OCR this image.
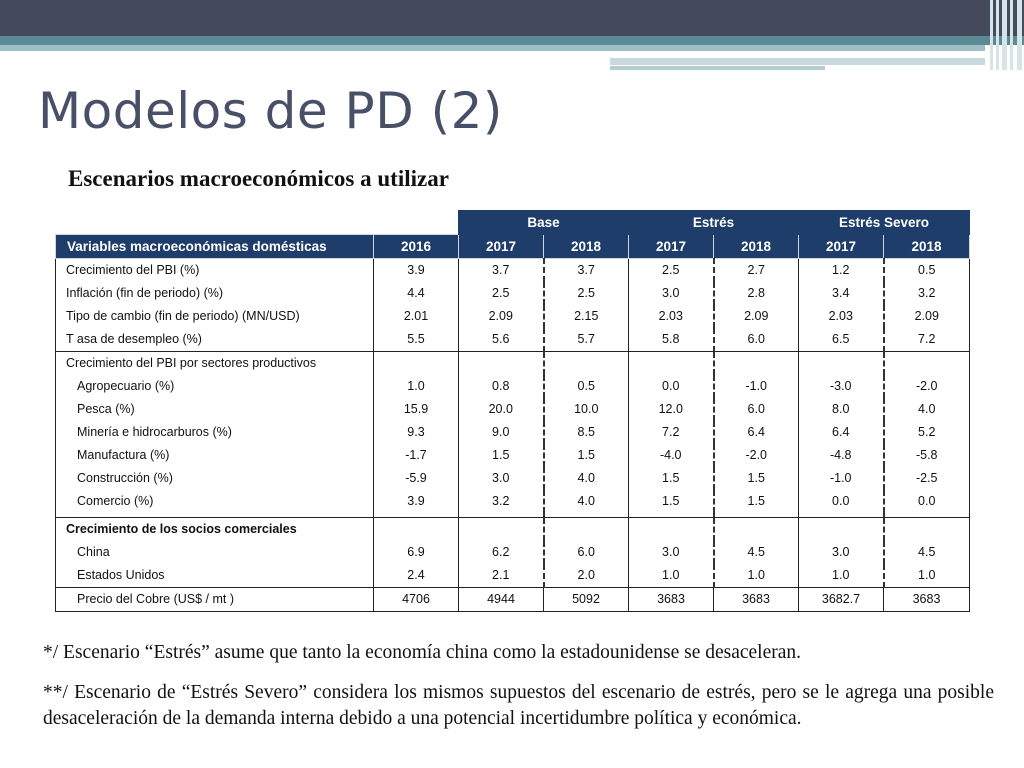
Modelos de PD (2)
Escenarios macroeconómicos a utilizar
		Base		Estrés		Estrés Severo	
Variables macroeconómicas domésticas	2016	2017	2018	2017	2018	2017	2018
Crecimiento del PBI (%)	3.9	3.7	3.7	2.5	2.7	1.2	0.5
Inflación (fin de periodo) (%)	4.4	2.5	2.5	3.0	2.8	3.4	3.2
Tipo de cambio (fin de periodo) (MN/USD)	2.01	2.09	2.15	2.03	2.09	2.03	2.09
T asa de desempleo (%)	5.5	5.6	5.7	5.8	6.0	6.5	7.2
Crecimiento del PBI por sectores productivos							
Agropecuario (%)	1.0	0.8	0.5	0.0	-1.0	-3.0	-2.0
Pesca (%)	15.9	20.0	10.0	12.0	6.0	8.0	4.0
Minería e hidrocarburos (%)	9.3	9.0	8.5	7.2	6.4	6.4	5.2
Manufactura (%)	-1.7	1.5	1.5	-4.0	-2.0	-4.8	-5.8
Construcción (%)	-5.9	3.0	4.0	1.5	1.5	-1.0	-2.5
Comercio (%)	3.9	3.2	4.0	1.5	1.5	0.0	0.0

Crecimiento de los socios comerciales							
China	6.9	6.2	6.0	3.0	4.5	3.0	4.5
Estados Unidos	2.4	2.1	2.0	1.0	1.0	1.0	1.0
Precio del Cobre (US$ / mt )	4706	4944	5092	3683	3683	3682.7	3683

*/ Escenario “Estrés” asume que tanto la economía china como la estadounidense se desaceleran.

**/ Escenario de “Estrés Severo” considera los mismos supuestos del escenario de estrés, pero se le agrega una posible desaceleración de la demanda interna debido a una potencial incertidumbre política y económica.
